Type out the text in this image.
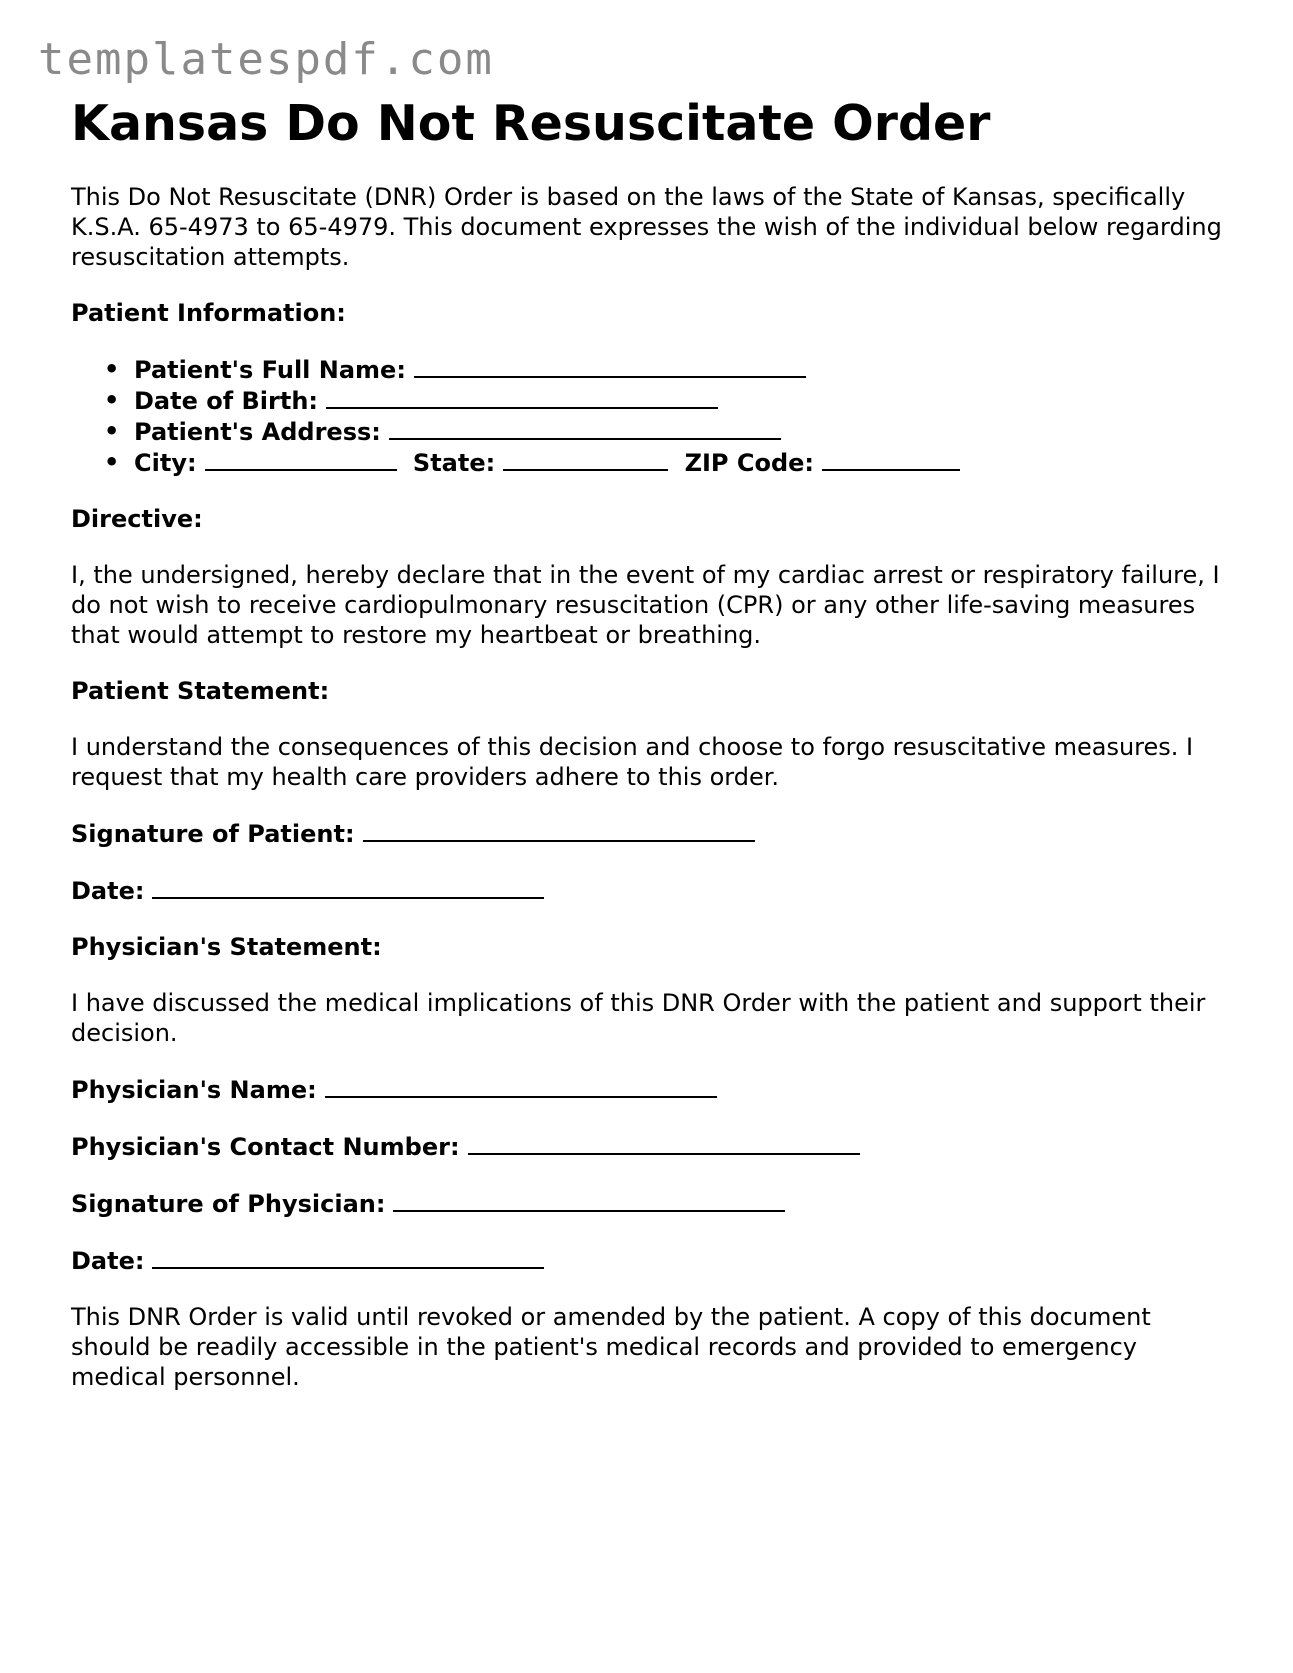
templatespdf.com
Kansas Do Not Resuscitate Order

This Do Not Resuscitate (DNR) Order is based on the laws of the State of Kansas, specifically K.S.A. 65-4973 to 65-4979. This document expresses the wish of the individual below regarding resuscitation attempts.

Patient Information:

• Patient's Full Name:
• Date of Birth:
• Patient's Address:
• City:	State:	ZIP Code:

Directive:

I, the undersigned, hereby declare that in the event of my cardiac arrest or respiratory failure, I do not wish to receive cardiopulmonary resuscitation (CPR) or any other life-saving measures that would attempt to restore my heartbeat or breathing.

Patient Statement:

I understand the consequences of this decision and choose to forgo resuscitative measures. I request that my health care providers adhere to this order.

Signature of Patient:

Date:

Physician's Statement:

I have discussed the medical implications of this DNR Order with the patient and support their decision.

Physician's Name:

Physician's Contact Number:

Signature of Physician:

Date:

This DNR Order is valid until revoked or amended by the patient. A copy of this document should be readily accessible in the patient's medical records and provided to emergency medical personnel.
